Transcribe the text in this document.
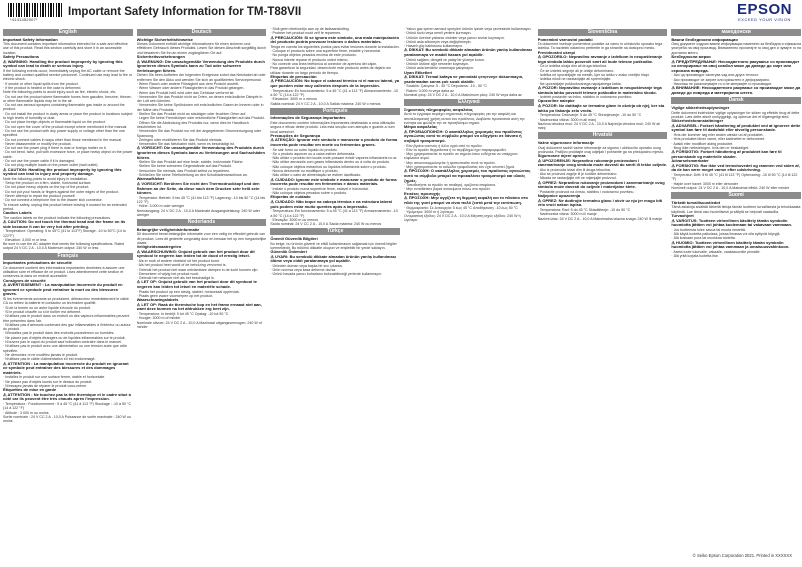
*4141452007*
Important Safety Information for TM-T88VII	EPSON
EXCEED YOUR VISION
English
Important Safety Information
This document contains important information intended for a safe and effective use of this product. Read this section carefully and store it in an accessible location.
Safety Precautions
⚠ WARNING: Handling the product improperly by ignoring this symbol can lead to death or serious injury.
If the following events occur, immediately unplug the AC cable or remove the battery and contact qualified service personnel. Continued use may lead to fire or electric shock.
· If smoke or other liquid spills from the product.
· If the product is heated or the case is deformed.
Note the following points to avoid injury such as fire, electric shock, etc.
· Do not use the product where flammable fumes from gasoline, benzine, thinner, or other flammable liquids may be in the air.
· Do not use aerosol sprayers containing flammable gas inside or around the product.
· Do not install the product in dusty areas or place the product in locations subject to high levels of humidity or dust.
· Do not place foreign objects or flammable liquid on the product.
· Do not open the cover of the product except where mentioned in the manual.
· Do not use the product with any power supply or voltage other than the one specified.
· Do not connect cables in ways other than those mentioned in the manual.
· Never disassemble or modify the product.
· Do not use the power plug if there is dust or foreign matter on it.
· Do not bend, twist, pull with excessive force, or place heavy object on the power cable.
· Do not use the power cable if it is damaged.
· Do not plug multiple loads on the power outlet (wall outlet).
⚠ CAUTION: Handling the product improperly by ignoring this symbol can lead to injury and property damage.
Note the following points to avoid injury in installation.
· Setup the product on a firm, stable, horizontal surface.
· Do not place heavy objects on the top of the product.
· Do not put your hands or fingers against the outer edges of the product.
· Never attempt to repair the product yourself.
· Do not connect a telephone line to the drawer kick connector.
To ensure safety, unplug this product before leaving it unused for an extended period.
Caution Labels
The caution labels on the product indicate the following precautions.
⚠ CAUTION: Do not touch the thermal head and the frame on its side because it can be very hot after printing.
· Temperature: Operating: 5 to 45°C (41 to 113°F) Storage: -10 to 50°C (14 to 122°F)
· Elevation: 3,000 m or less
Be sure to use the AC adapter that meets the following specifications. Rated output 24 V DC 2 A - 10.0 A Maximum output: 240 W or less
Français
Importantes précautions de sécurité
Ce document contient des informations importantes destinées à assurer une utilisation sûre et efficace de ce produit. Lisez attentivement cette section et conservez-la dans un endroit accessible.
Consignes de sécurité
⚠ AVERTISSEMENT : La manipulation incorrecte du produit en ignorant ce symbole peut entraîner la mort ou des blessures graves.
Si les événements suivants se produisent, débranchez immédiatement le câble CA ou retirez la batterie et contactez un technicien qualifié.
· Si de la fumée ou un autre liquide s'écoule du produit.
· Si le produit chauffe ou si le boîtier est déformé.
· N'utilisez pas le produit dans un endroit où des vapeurs inflammables peuvent être présentes dans l'air.
· N'utilisez pas d'aérosols contenant des gaz inflammables à l'intérieur ou autour du produit.
· N'installez pas le produit dans des endroits poussiéreux ou humides.
· Ne placez pas d'objets étrangers ou de liquides inflammables sur le produit.
· N'ouvrez pas le capot du produit sauf indication contraire dans le manuel.
· N'utilisez pas le produit avec une alimentation ou une tension autre que celle spécifiée.
· Ne démontez ni ne modifiez jamais le produit.
· N'utilisez pas le câble d'alimentation s'il est endommagé.
⚠ ATTENTION : La manipulation incorrecte du produit en ignorant ce symbole peut entraîner des blessures et des dommages matériels.
· Installez le produit sur une surface ferme, stable et horizontale.
· Ne placez pas d'objets lourds sur le dessus du produit.
· N'essayez jamais de réparer le produit vous-même.
Étiquettes de mise en garde
⚠ ATTENTION : Ne touchez pas la tête thermique et le cadre situé à côté car ils peuvent être très chauds après l'impression.
· Température : Fonctionnement : 5 à 45 °C (41 à 113 °F) Stockage : -10 à 50 °C (14 à 122 °F)
· Altitude : 3 000 m ou moins
Sortie nominale : 24 V CC 2 A - 10,0 A Puissance de sortie maximale : 240 W ou moins
Deutsch
Wichtige Sicherheitshinweise
Dieses Dokument enthält wichtige Informationen für einen sicheren und effektiven Gebrauch dieses Produkts. Lesen Sie diesen Abschnitt sorgfältig durch und bewahren Sie ihn an einem zugänglichen Ort auf.
Sicherheitsvorkehrungen
⚠ WARNUNG: Die unsachgemäße Verwendung des Produkts durch Ignorieren dieses Symbols kann zu Tod oder schweren Verletzungen führen.
Ziehen Sie beim Auftreten der folgenden Ereignisse sofort das Netzkabel ab oder entfernen Sie den Akku und wenden Sie sich an qualifiziertes Servicepersonal.
· Wenn Rauch oder andere Flüssigkeit aus dem Produkt austritt.
· Wenn Wasser oder andere Flüssigkeiten in das Produkt gelangen.
· Wenn das Produkt heiß wird oder das Gehäuse verformt ist.
· Verwenden Sie das Produkt nicht an Orten, an denen entzündliche Dämpfe in der Luft sein könnten.
· Verwenden Sie keine Sprühdosen mit entzündlichen Gasen im Inneren oder in der Nähe des Produkts.
· Stellen Sie das Produkt nicht an staubigen oder feuchten Orten auf.
· Legen Sie keine Fremdkörper oder entzündliche Flüssigkeiten auf das Produkt.
· Öffnen Sie die Abdeckung des Produkts nur, wenn dies im Handbuch beschrieben ist.
· Verwenden Sie das Produkt nur mit der angegebenen Stromversorgung oder Spannung.
· Zerlegen oder modifizieren Sie das Produkt niemals.
· Verwenden Sie das Netzkabel nicht, wenn es beschädigt ist.
⚠ VORSICHT: Die unsachgemäße Verwendung des Produkts durch Ignorieren dieses Symbols kann zu Verletzungen und Sachschäden führen.
· Stellen Sie das Produkt auf eine feste, stabile, horizontale Fläche.
· Stellen Sie keine schweren Gegenstände auf das Produkt.
· Versuchen Sie niemals, das Produkt selbst zu reparieren.
· Schließen Sie keine Telefonleitung an den Schubladenanschluss an.
Warnaufkleber
⚠ VORSICHT: Berühren Sie nicht den Thermodruckkopf und den Rahmen an der Seite, da diese nach dem Drucken sehr heiß sein können.
· Temperatur: Betrieb: 5 bis 45 °C (41 bis 113 °F) Lagerung: -10 bis 50 °C (14 bis 122 °F)
· Höhe: 3.000 m oder weniger
Nennausgang: 24 V DC 2 A - 10,0 A Maximale Ausgangsleistung: 240 W oder weniger
Nederlands
Belangrijke veiligheidsinformatie
Dit document bevat belangrijke informatie voor een veilig en effectief gebruik van dit product. Lees dit gedeelte zorgvuldig door en bewaar het op een toegankelijke plaats.
Veiligheidsmaatregelen
⚠ WAARSCHUWING: Onjuist gebruik van het product door dit symbool te negeren kan leiden tot de dood of ernstig letsel.
· Als er rook of andere vloeistof uit het product komt.
· Als het product heet wordt of de behuizing vervormd is.
· Gebruik het product niet waar ontvlambare dampen in de lucht kunnen zijn.
· Demonteer of wijzig het product nooit.
· Gebruik het netsnoer niet als het beschadigd is.
⚠ LET OP: Onjuist gebruik van het product door dit symbool te negeren kan leiden tot letsel en materiële schade.
· Plaats het product op een stevig, stabiel, horizontaal oppervlak.
· Plaats geen zware voorwerpen op het product.
Waarschuwingslabels
⚠ LET OP: Raak de thermische kop en het frame ernaast niet aan, want deze kunnen na het afdrukken erg heet zijn.
· Temperatuur: In bedrijf: 5 tot 45 °C Opslag: -10 tot 50 °C
· Hoogte: 3000 m of minder
Nominale uitvoer: 24 V DC 2 A - 10,0 A Maximaal uitgangsvermogen: 240 W of minder
· Sluit geen telefoonlijn aan op de ladeaansluiting.
· Probeer het product nooit zelf te repareren.
⚠ PRECAUCIÓN: Si se ignora este símbolo, una mala manipulación del producto podría provocar lesiones o daños materiales.
Tenga en cuenta los siguientes puntos para evitar lesiones durante la instalación.
· Coloque el producto sobre una superficie firme, estable y horizontal.
· No ponga objetos pesados encima de este producto.
· Nunca intente reparar el producto usted mismo.
· No conecte una línea telefónica al conector de apertura del cajón.
Para garantizar la seguridad, desenchufe este producto antes de dejarlo sin utilizar durante un largo período de tiempo.
Etiquetas de precaución
⚠ PRECAUCIÓN: No toque el cabezal térmico ni el marco lateral, ya que pueden estar muy calientes después de la impresión.
· Temperatura: En funcionamiento: 5 a 45 °C (41 a 113 °F) Almacenamiento: -10 a 50 °C (14 a 122 °F)
· Elevación: 3000 m o menos
Salida nominal: 24 V CC 2 A - 10,0 A Salida máxima: 240 W o menos
Português
Informações de Segurança Importantes
Este documento contém informações importantes destinadas a uma utilização segura e eficaz deste produto. Leia esta secção com atenção e guarde-a num local acessível.
Precauções de Segurança
⚠ ATENÇÃO: Ignorar este símbolo e manusear o produto de forma incorreta pode resultar em morte ou ferimentos graves.
· Se sair fumo ou outro líquido do produto.
· Se o produto aquecer ou a caixa estiver deformada.
· Não utilize o produto em locais onde possam existir vapores inflamáveis no ar.
· Não utilize aerossóis com gases inflamáveis dentro ou à volta do produto.
· Não coloque objetos estranhos ou líquidos inflamáveis sobre o produto.
· Nunca desmonte ou modifique o produto.
· Não utilize o cabo de alimentação se estiver danificado.
⚠ CUIDADO: Ignorar este símbolo e manusear o produto de forma incorreta pode resultar em ferimentos e danos materiais.
· Instale o produto numa superfície firme, estável e horizontal.
· Não coloque objetos pesados sobre o produto.
Etiquetas de cuidado
⚠ CUIDADO: Não toque na cabeça térmica e na estrutura lateral pois podem estar muito quentes após a impressão.
· Temperatura: Em funcionamento: 5 a 45 °C (41 a 113 °F) Armazenamento: -10 a 50 °C (14 a 122 °F)
· Elevação: 3000 m ou menos
Saída nominal: 24 V CC 2 A - 10,0 A Saída máxima: 240 W ou menos
Türkçe
Önemli Güvenlik Bilgileri
Bu belge, bu ürünün güvenli ve etkili kullanılmasını sağlamak için önemli bilgiler içermektedir. Bu bölümü dikkatle okuyun ve erişilebilir bir yerde saklayın.
Güvenlik Önlemleri
⚠ UYARI: Bu sembolü dikkate almadan ürünün yanlış kullanılması ölüme veya ciddi yaralanmaya yol açabilir.
· Üründen duman veya başka bir sıvı çıkarsa.
· Ürün ısınırsa veya kasa deforme olursa.
· Ürünü havada yanıcı buharların bulunabileceği yerlerde kullanmayın.
· Yakıcı gaz içeren aerosol spreyleri ürünün içinde veya çevresinde kullanmayın.
· Ürünü tozlu veya nemli yerlere kurmayın.
· Ürünün üzerine yabancı cisimler veya yanıcı sıvılar koymayın.
· Ürünü asla sökmeyin veya değiştirmeyin.
· Hasarlı güç kablosunu kullanmayın.
⚠ DİKKAT: Bu sembolü dikkate almadan ürünün yanlış kullanılması yaralanmaya ve maddi hasara yol açabilir.
· Ürünü sağlam, dengeli ve yatay bir yüzeye kurun.
· Ürünün üstüne ağır nesneler koymayın.
· Ürünü asla kendiniz onarmaya çalışmayın.
Uyarı Etiketleri
⚠ DİKKAT: Termal kafaya ve yanındaki çerçeveye dokunmayın, yazdırmadan sonra çok sıcak olabilir.
· Sıcaklık: Çalışma: 5 - 45 °C Depolama: -10 - 50 °C
· Rakım: 3.000 m veya daha az
Nominal çıkış: 24 V DC 2 A - 10,0 A Maksimum çıkış: 240 W veya daha az
Ελληνικά
Σημαντικές πληροφορίες ασφαλείας
Αυτό το έγγραφο περιέχει σημαντικές πληροφορίες για την ασφαλή και αποτελεσματική χρήση αυτού του προϊόντος. Διαβάστε προσεκτικά αυτή την ενότητα και φυλάξτε την σε προσβάσιμο σημείο.
Μέτρα ασφαλείας
⚠ ΠΡΟΕΙΔΟΠΟΙΗΣΗ: Ο ακατάλληλος χειρισμός του προϊόντος αγνοώντας αυτό το σύμβολο μπορεί να οδηγήσει σε θάνατο ή σοβαρό τραυματισμό.
· Εάν βγαίνει καπνός ή άλλο υγρό από το προϊόν.
· Εάν το προϊόν θερμαίνεται ή το περίβλημα έχει παραμορφωθεί.
· Μην χρησιμοποιείτε το προϊόν σε σημεία όπου ενδέχεται να υπάρχουν εύφλεκτοι ατμοί.
· Μην αποσυναρμολογείτε ή τροποποιείτε ποτέ το προϊόν.
· Μην χρησιμοποιείτε το καλώδιο τροφοδοσίας εάν έχει υποστεί ζημιά.
⚠ ΠΡΟΣΟΧΗ: Ο ακατάλληλος χειρισμός του προϊόντος αγνοώντας αυτό το σύμβολο μπορεί να προκαλέσει τραυματισμό και υλικές ζημιές.
· Τοποθετήστε το προϊόν σε σταθερή, οριζόντια επιφάνεια.
· Μην τοποθετείτε βαριά αντικείμενα πάνω στο προϊόν.
Ετικέτες προσοχής
⚠ ΠΡΟΣΟΧΗ: Μην αγγίζετε τη θερμική κεφαλή και το πλαίσιο στο πλάι της γιατί μπορεί να είναι πολύ ζεστά μετά την εκτύπωση.
· Θερμοκρασία: Σε λειτουργία: 5 έως 45 °C Αποθήκευση: -10 έως 50 °C
· Υψόμετρο: 3000 m ή λιγότερο
Ονομαστική έξοδος: 24 V DC 2 A - 10,0 A Μέγιστη ισχύς εξόδου: 240 W ή λιγότερο
Slovenščina
Pomembni varnostni podatki
Ta dokument vsebuje pomembne podatke za varno in učinkovito uporabo tega izdelka. Ta razdelek natančno preberite in ga shranite na dostopno mesto.
Previdnostni ukrepi
⚠ OPOZORILO: Nepravilno ravnanje z izdelkom in neupoštevanje tega simbola lahko povzroči smrt ali hude telesne poškodbe.
· Če iz izdelka uhaja dim ali druga tekočina.
· Če se izdelek segreje ali je ohišje deformirano.
· Izdelka ne uporabljajte na mestih, kjer so lahko v zraku vnetljivi hlapi.
· Izdelka nikoli ne razstavljajte ali spreminjajte.
· Ne uporabljajte poškodovanega napajalnega kabla.
⚠ POZOR: Nepravilno ravnanje z izdelkom in neupoštevanje tega simbola lahko povzroči telesne poškodbe in materialno škodo.
· Izdelek postavite na trdno, stabilno in vodoravno površino.
Opozorilne nalepke
⚠ POZOR: Ne dotikajte se termalne glave in okvirja ob njej, ker sta lahko po tiskanju zelo vroča.
· Temperatura: Delovanje: 5 do 45 °C Shranjevanje: -10 do 50 °C
· Nadmorska višina: 3000 m ali manj
Nazivna izhodna moč: 24 V DC 2 A - 10,0 A Največja izhodna moč: 240 W ali manj
Hrvatski
Važne sigurnosne informacije
Ovaj dokument sadrži važne informacije za sigurnu i učinkovitu uporabu ovog proizvoda. Pažljivo pročitajte ovaj odjeljak i pohranite ga na pristupačno mjesto.
Sigurnosne mjere opreza
⚠ UPOZORENJE: Nepravilno rukovanje proizvodom i zanemarivanje ovog simbola može dovesti do smrti ili teške ozljede.
· Ako iz proizvoda izlazi dim ili druga tekućina.
· Ako se proizvod zagrije ili je kućište deformirano.
· Nikada ne rastavljajte niti ne mijenjajte proizvod.
⚠ OPREZ: Nepravilno rukovanje proizvodom i zanemarivanje ovog simbola može dovesti do ozljede i materijalne štete.
· Postavite proizvod na čvrstu, stabilnu i vodoravnu površinu.
Naljepnice upozorenja
⚠ OPREZ: Ne dodirujte termalnu glavu i okvir uz nju jer mogu biti vrlo vrući nakon ispisa.
· Temperatura: Rad: 5 do 45 °C Skladištenje: -10 do 50 °C
· Nadmorska visina: 3000 m ili manje
Nazivni izlaz: 24 V DC 2 A - 10,0 A Maksimalna izlazna snaga: 240 W ili manje
македонски
Важни безбедносни информации
Овој документ содржи важни информации наменети за безбедна и ефикасна употреба на овој производ. Внимателно прочитајте го овој дел и чувајте го на достапно место.
Безбедносни мерки
⚠ ПРЕДУПРЕДУВАЊЕ: Несоодветното ракување со производот со игнорирање на овој симбол може да доведе до смрт или сериозна повреда.
· Ако од производот излегува чад или друга течност.
· Ако производот се загрее или куќиштето е деформирано.
· Никогаш не расклопувајте го и не менувајте го производот.
⚠ ВНИМАНИЕ: Несоодветното ракување со производот може да доведе до повреда и материјална штета.
Dansk
Vigtige sikkerhedsoplysninger
Dette dokument indeholder vigtige oplysninger for sikker og effektiv brug af dette produkt. Læs dette afsnit omhyggeligt, og opbevar det et tilgængeligt sted.
Sikkerhedsforanstaltninger
⚠ ADVARSEL: Forkert håndtering af produktet ved at ignorere dette symbol kan føre til dødsfald eller alvorlig personskade.
· Hvis der kommer røg eller anden væske ud af produktet.
· Hvis produktet bliver varmt, eller kabinettet er deformeret.
· Adskil eller modificer aldrig produktet.
· Brug ikke netledningen, hvis den er beskadiget.
⚠ FORSIGTIG: Forkert håndtering af produktet kan føre til personskade og materielle skader.
Advarselsmærkater
⚠ FORSIGTIG: Rør ikke ved termohovedet og rammen ved siden af, da de kan være meget varme efter udskrivning.
· Temperatur: Drift: 5 til 45 °C (41 til 113 °F) Opbevaring: -10 til 50 °C (14 til 122 °F)
· Højde over havet: 3000 m eller derunder
Nominelt output: 24 V DC 2 A - 10,0 A Maksimal effekt: 240 W eller mindre
Suomi
Tärkeät turvallisuustiedot
Tämä asiakirja sisältää tärkeitä tietoja tämän tuotteen turvallisesta ja tehokkaasta käytöstä. Lue tämä osio huolellisesti ja säilytä se helposti saatavilla.
Turvaohjeet
⚠ VAROITUS: Tuotteen virheellinen käsittely tämän symbolin huomiotta jättäen voi johtaa kuolemaan tai vakavaan vammaan.
· Jos tuotteesta tulee savua tai muuta nestettä.
· Älä käytä tuotetta paikoissa, joissa ilmassa voi olla syttyviä höyryjä.
· Älä koskaan pura tai muokkaa tuotetta.
⚠ HUOMIO: Tuotteen virheellinen käsittely tämän symbolin huomiotta jättäen voi johtaa vammaan ja omaisuusvahinkoon.
· Aseta tuote tukevalle, vakaalle, vaakasuoralle pinnalle.
· Älä yritä korjata tuotetta itse.
© Seiko Epson Corporation 2021. Printed in XXXXXX
